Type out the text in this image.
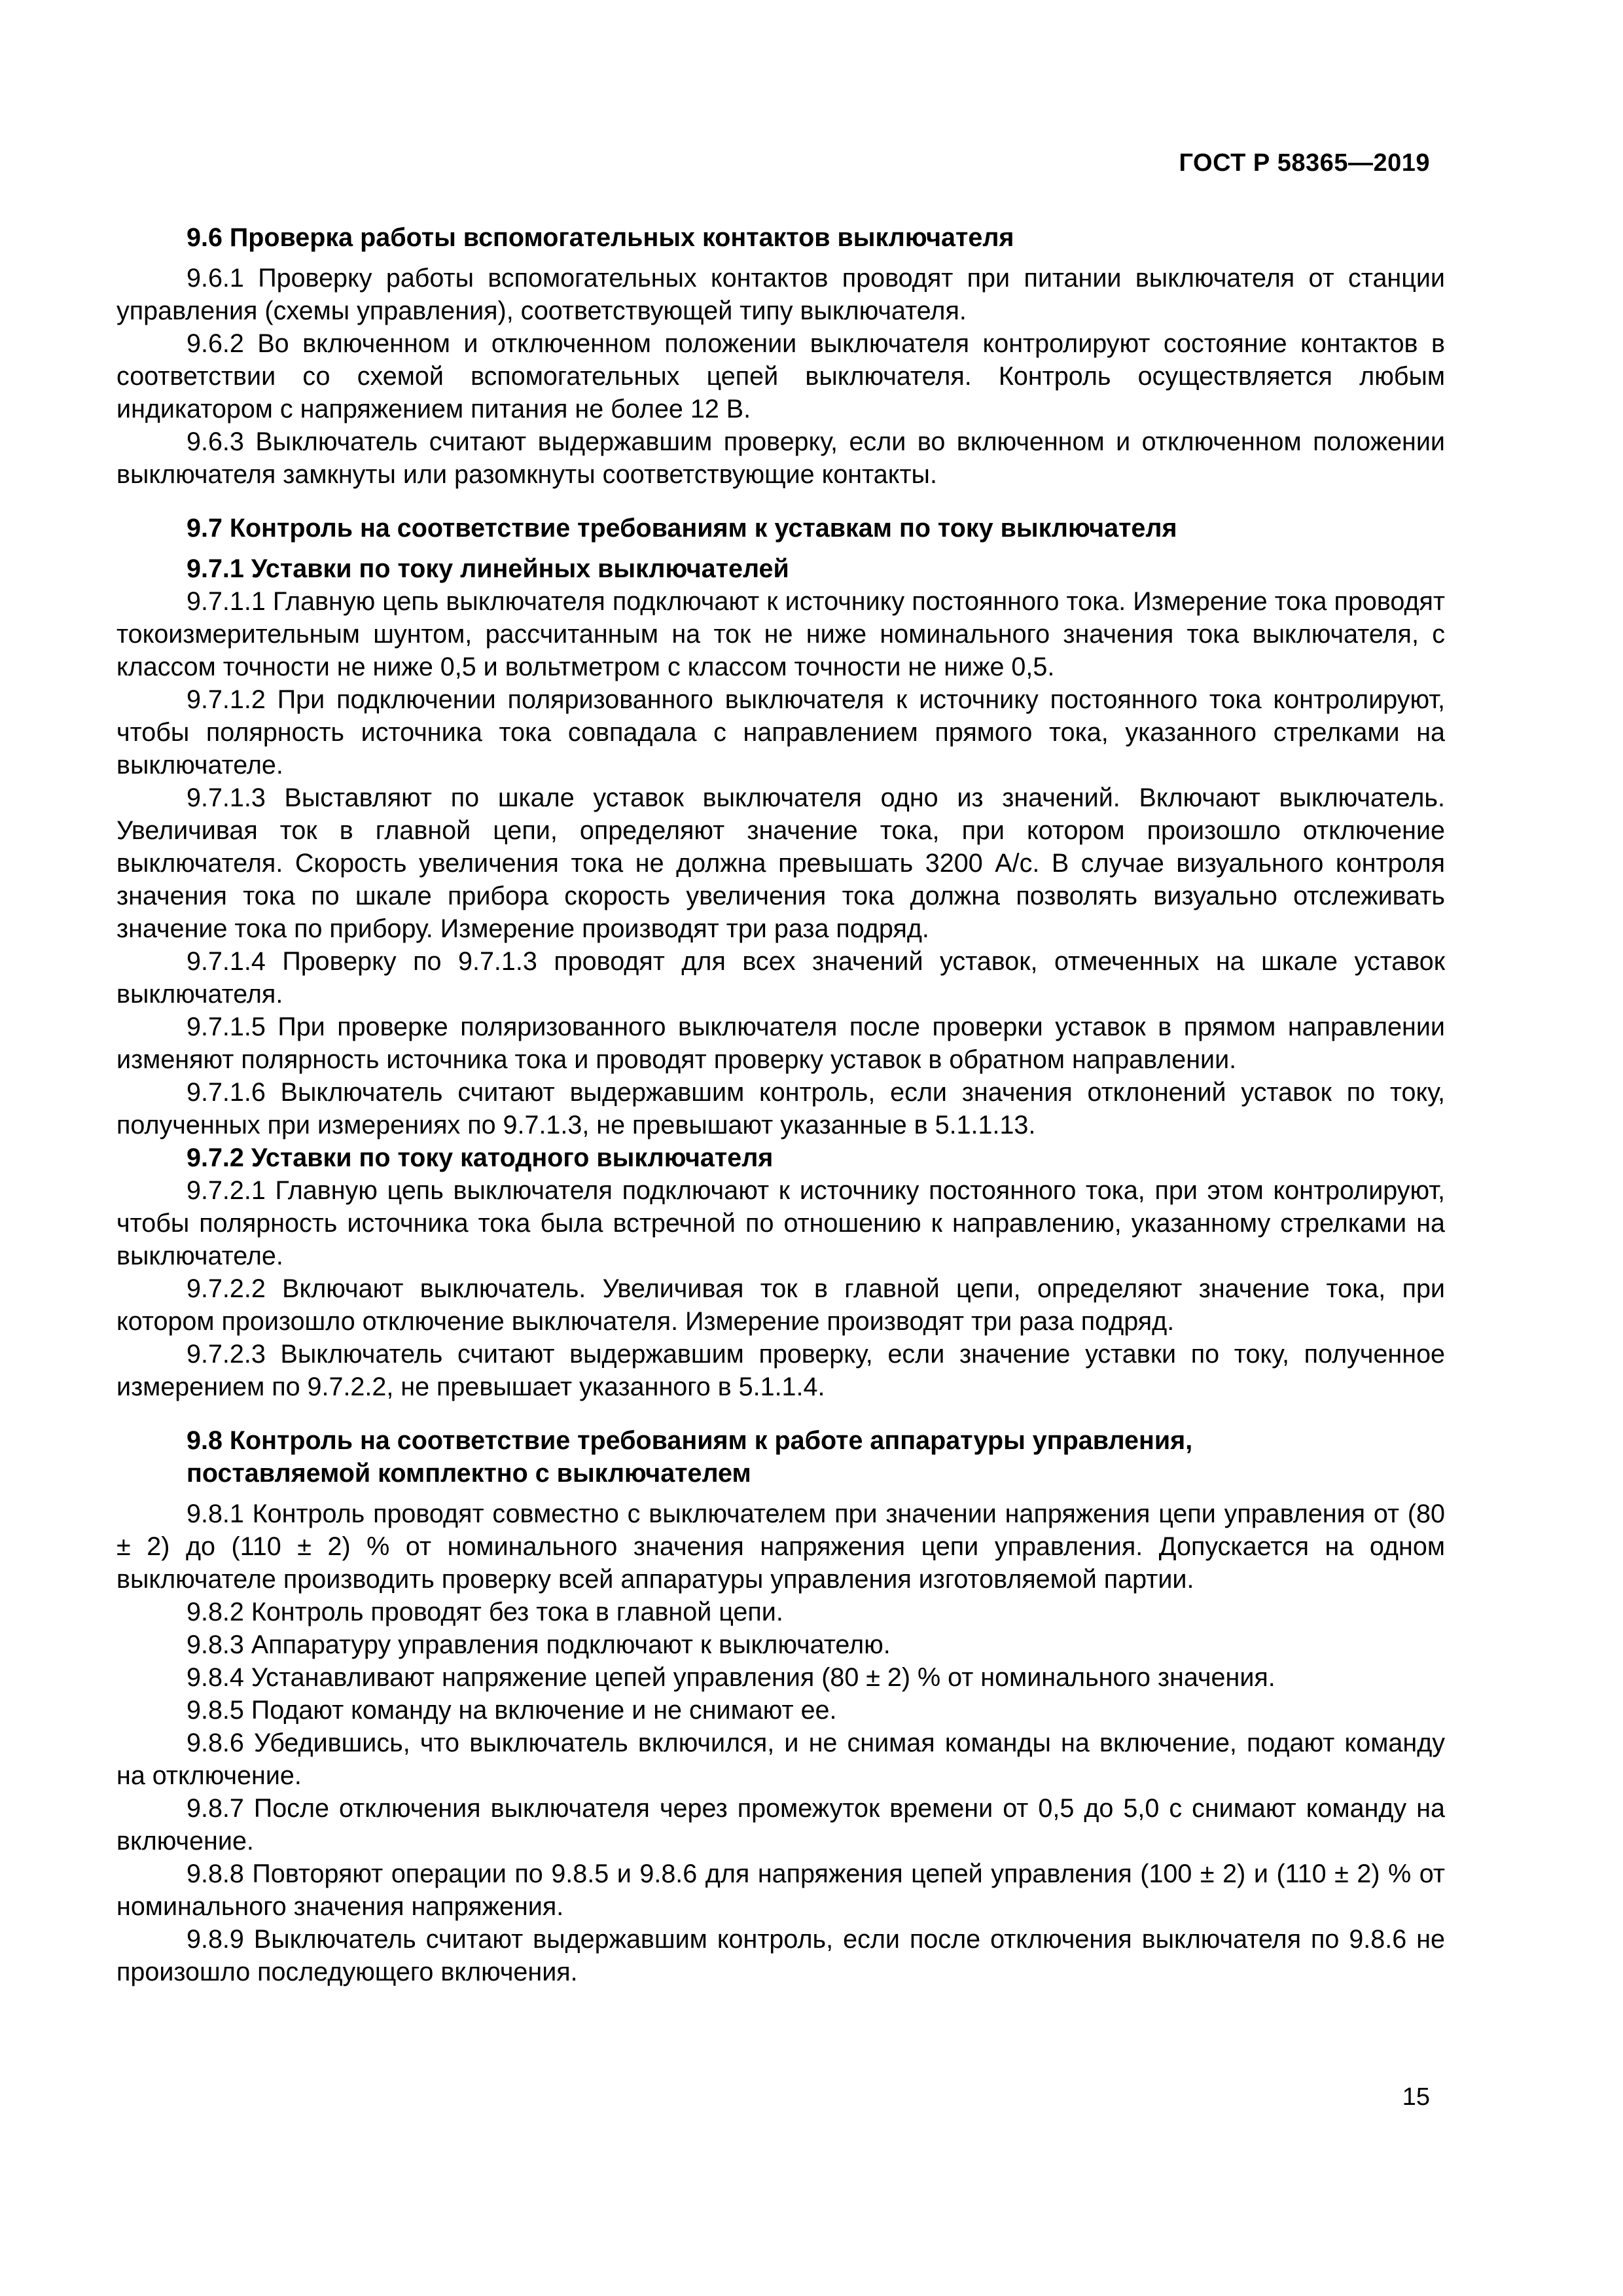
ГОСТ Р 58365—2019
9.6 Проверка работы вспомогательных контактов выключателя

9.6.1 Проверку работы вспомогательных контактов проводят при питании выключателя от станции управления (схемы управления), соответствующей типу выключателя.

9.6.2 Во включенном и отключенном положении выключателя контролируют состояние контактов в соответствии со схемой вспомогательных цепей выключателя. Контроль осуществляется любым индикатором с напряжением питания не более 12 В.

9.6.3 Выключатель считают выдержавшим проверку, если во включенном и отключенном положении выключателя замкнуты или разомкнуты соответствующие контакты.

9.7 Контроль на соответствие требованиям к уставкам по току выключателя
9.7.1 Уставки по току линейных выключателей

9.7.1.1 Главную цепь выключателя подключают к источнику постоянного тока. Измерение тока проводят токоизмерительным шунтом, рассчитанным на ток не ниже номинального значения тока выключателя, с классом точности не ниже 0,5 и вольтметром с классом точности не ниже 0,5.

9.7.1.2 При подключении поляризованного выключателя к источнику постоянного тока контролируют, чтобы полярность источника тока совпадала с направлением прямого тока, указанного стрелками на выключателе.

9.7.1.3 Выставляют по шкале уставок выключателя одно из значений. Включают выключатель. Увеличивая ток в главной цепи, определяют значение тока, при котором произошло отключение выключателя. Скорость увеличения тока не должна превышать 3200 А/с. В случае визуального контроля значения тока по шкале прибора скорость увеличения тока должна позволять визуально отслеживать значение тока по прибору. Измерение производят три раза подряд.

9.7.1.4 Проверку по 9.7.1.3 проводят для всех значений уставок, отмеченных на шкале уставок выключателя.

9.7.1.5 При проверке поляризованного выключателя после проверки уставок в прямом направлении изменяют полярность источника тока и проводят проверку уставок в обратном направлении.

9.7.1.6 Выключатель считают выдержавшим контроль, если значения отклонений уставок по току, полученных при измерениях по 9.7.1.3, не превышают указанные в 5.1.1.13.

9.7.2 Уставки по току катодного выключателя

9.7.2.1 Главную цепь выключателя подключают к источнику постоянного тока, при этом контролируют, чтобы полярность источника тока была встречной по отношению к направлению, указанному стрелками на выключателе.

9.7.2.2 Включают выключатель. Увеличивая ток в главной цепи, определяют значение тока, при котором произошло отключение выключателя. Измерение производят три раза подряд.

9.7.2.3 Выключатель считают выдержавшим проверку, если значение уставки по току, полученное измерением по 9.7.2.2, не превышает указанного в 5.1.1.4.

9.8 Контроль на соответствие требованиям к работе аппаратуры управления,
поставляемой комплектно с выключателем

9.8.1 Контроль проводят совместно с выключателем при значении напряжения цепи управления от (80 ± 2) до (110 ± 2) % от номинального значения напряжения цепи управления. Допускается на одном выключателе производить проверку всей аппаратуры управления изготовляемой партии.

9.8.2 Контроль проводят без тока в главной цепи.

9.8.3 Аппаратуру управления подключают к выключателю.

9.8.4 Устанавливают напряжение цепей управления (80 ± 2) % от номинального значения.

9.8.5 Подают команду на включение и не снимают ее.

9.8.6 Убедившись, что выключатель включился, и не снимая команды на включение, подают команду на отключение.

9.8.7 После отключения выключателя через промежуток времени от 0,5 до 5,0 с снимают команду на включение.

9.8.8 Повторяют операции по 9.8.5 и 9.8.6 для напряжения цепей управления (100 ± 2) и (110 ± 2) % от номинального значения напряжения.

9.8.9 Выключатель считают выдержавшим контроль, если после отключения выключателя по 9.8.6 не произошло последующего включения.

15
